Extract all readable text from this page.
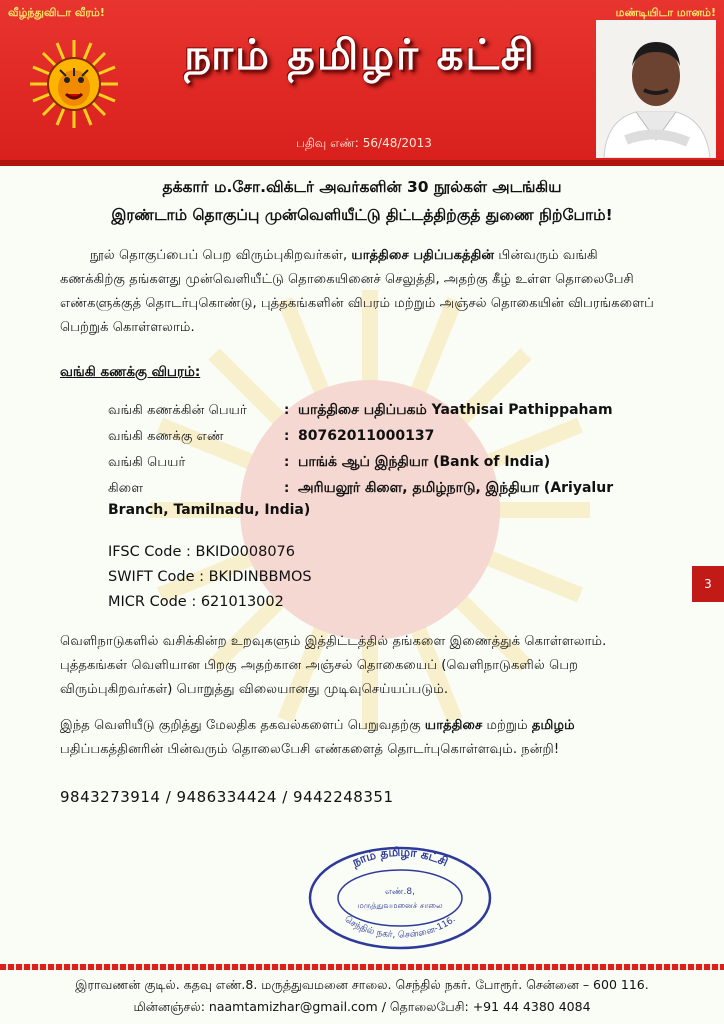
வீழ்ந்துவிடா வீரம்!	மண்டியிடா மானம்!
நாம் தமிழர் கட்சி
பதிவு எண்: 56/48/2013
தக்கார் ம.சோ.விக்டர் அவர்களின் 30 நூல்கள் அடங்கிய
இரண்டாம் தொகுப்பு முன்வெளியீட்டு திட்டத்திற்குத் துணை நிற்போம்!
நூல் தொகுப்பைப் பெற விரும்புகிறவர்கள், யாத்திசை பதிப்பகத்தின் பின்வரும் வங்கி கணக்கிற்கு தங்களது முன்வெளியீட்டு தொகையினைச் செலுத்தி, அதற்கு கீழ் உள்ள தொலைபேசி எண்களுக்குத் தொடர்புகொண்டு, புத்தகங்களின் விபரம் மற்றும் அஞ்சல் தொகையின் விபரங்களைப் பெற்றுக் கொள்ளலாம்.
வங்கி கணக்கு விபரம்:
வங்கி கணக்கின் பெயர்	: யாத்திசை பதிப்பகம் Yaathisai Pathippaham
வங்கி கணக்கு எண்	: 80762011000137
வங்கி பெயர்	: பாங்க் ஆப் இந்தியா (Bank of India)
கிளை	: அரியலூர் கிளை, தமிழ்நாடு, இந்தியா (Ariyalur
Branch, Tamilnadu, India)
IFSC Code : BKID0008076
SWIFT Code : BKIDINBBMOS
MICR Code : 621013002
3
வெளிநாடுகளில் வசிக்கின்ற உறவுகளும் இத்திட்டத்தில் தங்களை இணைத்துக் கொள்ளலாம். புத்தகங்கள் வெளியான பிறகு அதற்கான அஞ்சல் தொகையைப் (வெளிநாடுகளில் பெற விரும்புகிறவர்கள்) பொறுத்து விலையானது முடிவுசெய்யப்படும்.
இந்த வெளியீடு குறித்து மேலதிக தகவல்களைப் பெறுவதற்கு யாத்திசை மற்றும் தமிழம் பதிப்பகத்தினரின் பின்வரும் தொலைபேசி எண்களைத் தொடர்புகொள்ளவும். நன்றி!
9843273914 / 9486334424 / 9442248351
நாம் தமிழர் கட்சி
எண்.8,
மருத்துவமனைச் சாலை
செந்தில் நகர், சென்னை-116.
இராவணன் குடில். கதவு எண்.8. மருத்துவமனை சாலை. செந்தில் நகர். போரூர். சென்னை – 600 116.
மின்னஞ்சல்: naamtamizhar@gmail.com / தொலைபேசி: +91 44 4380 4084
